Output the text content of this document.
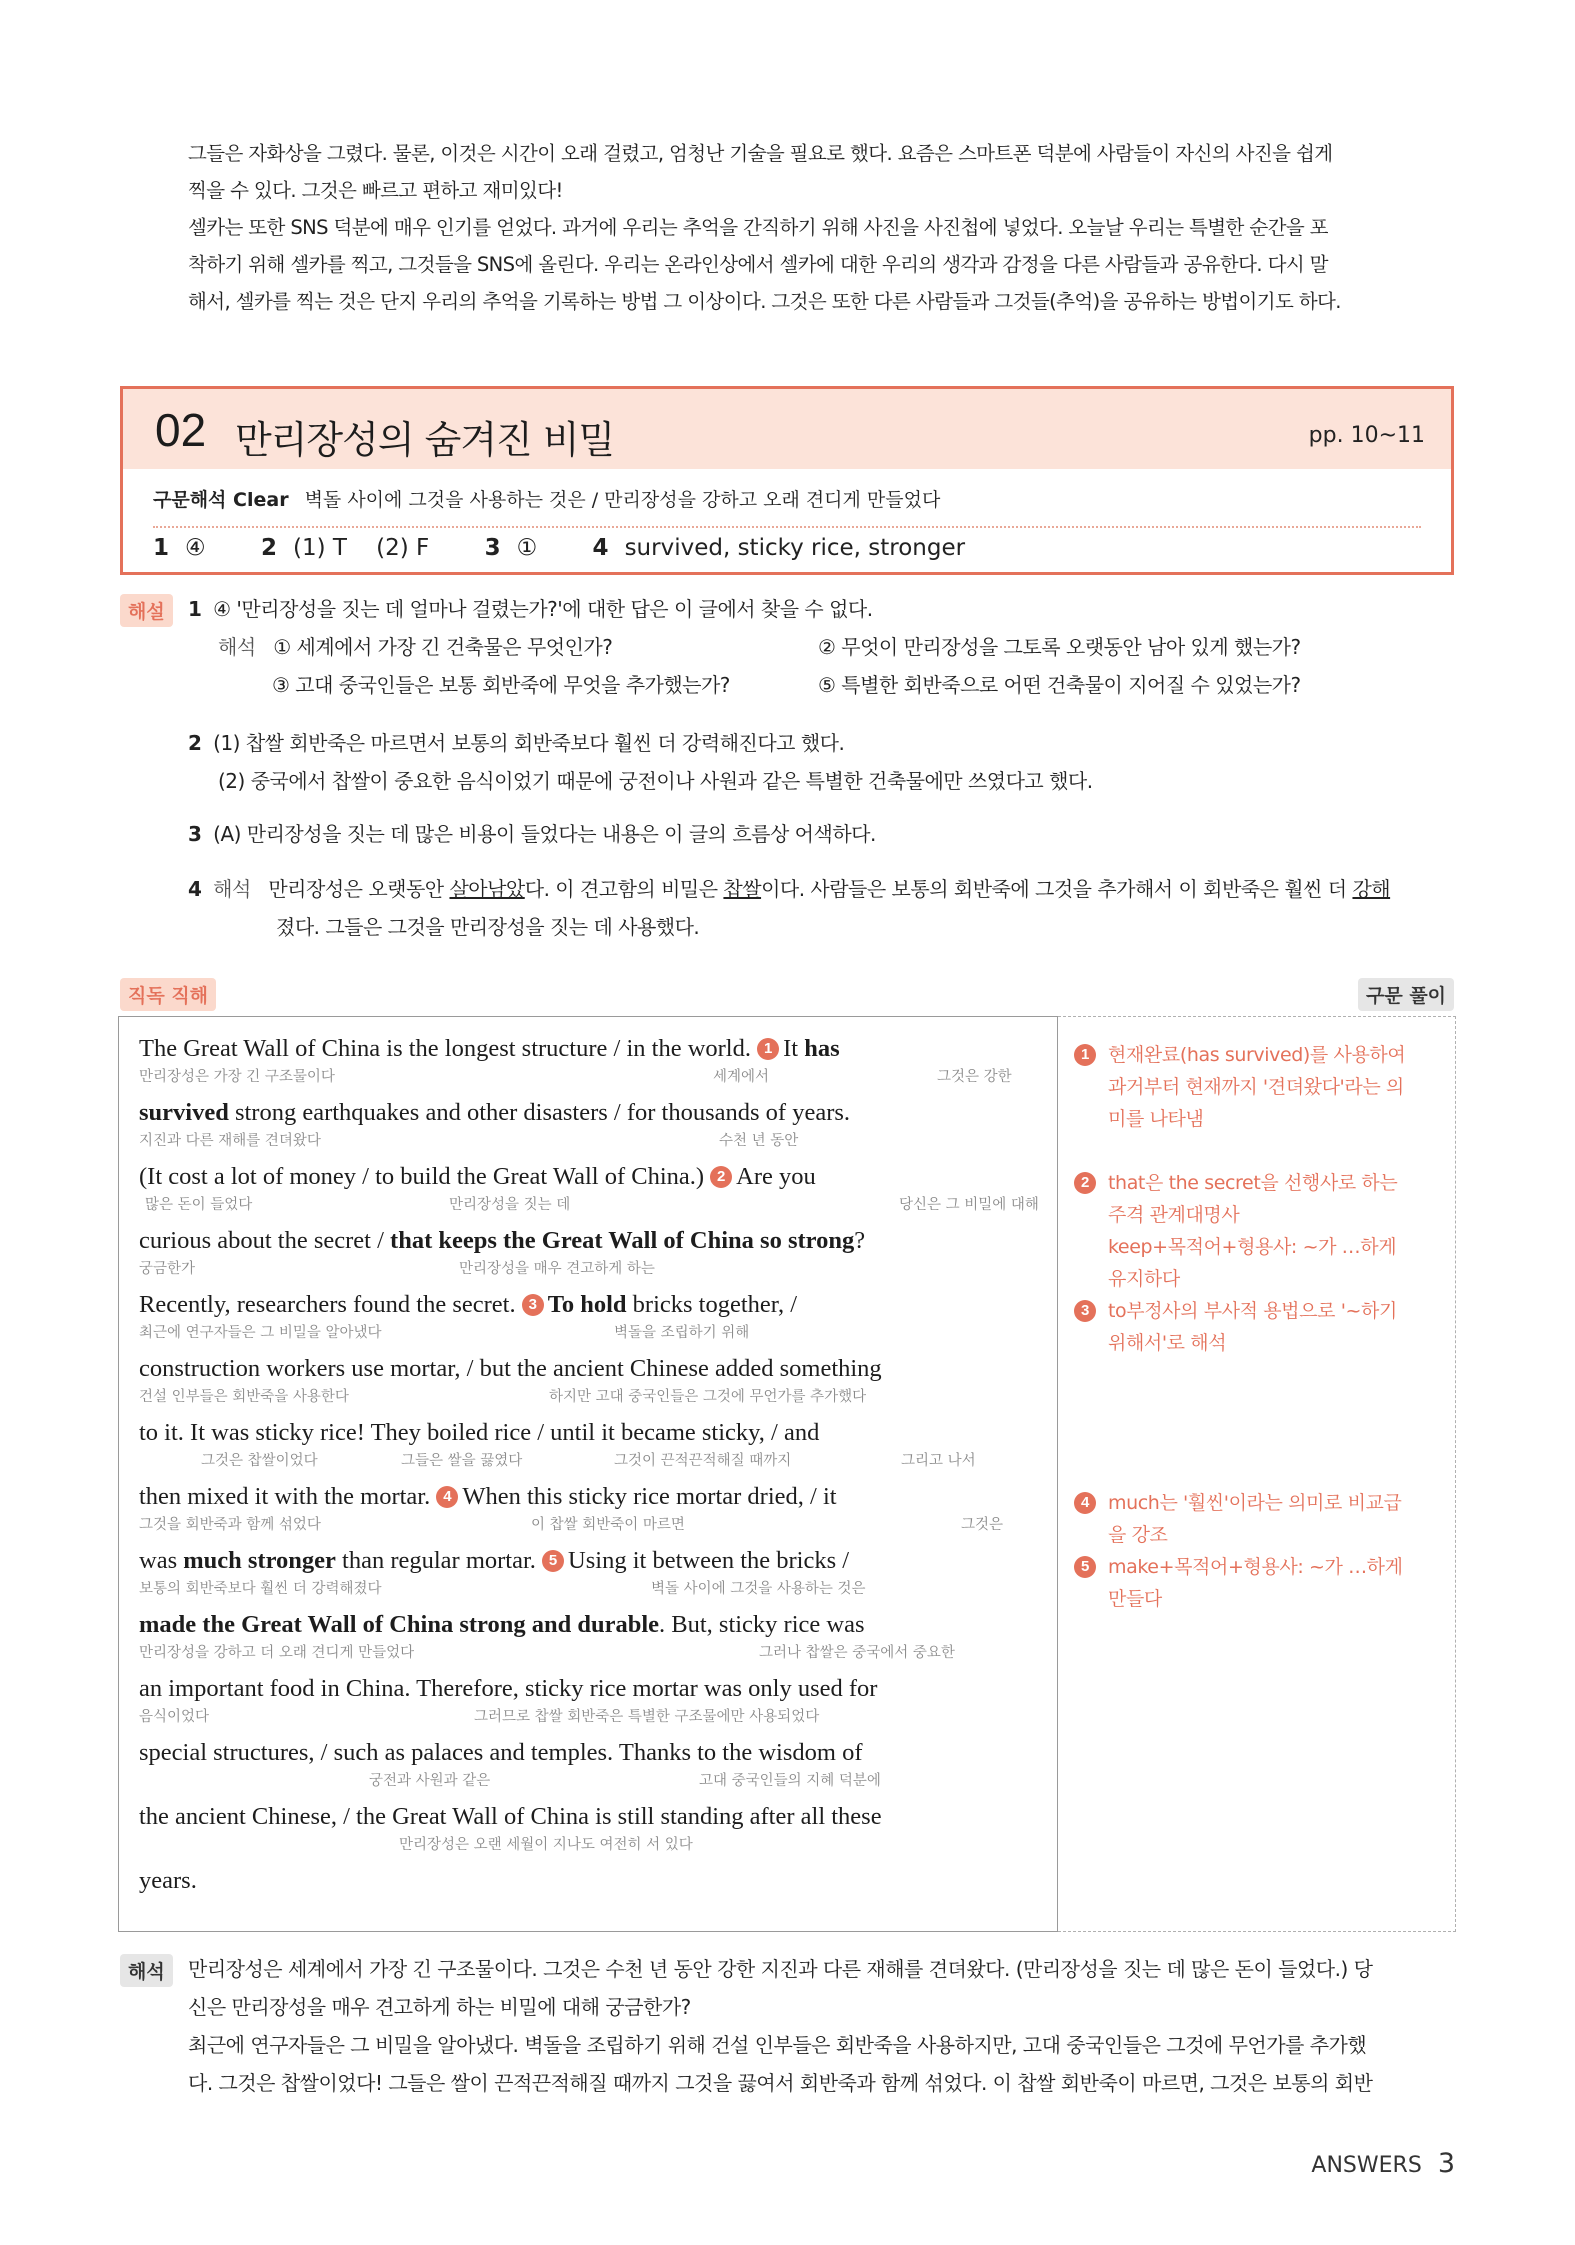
그들은 자화상을 그렸다. 물론, 이것은 시간이 오래 걸렸고, 엄청난 기술을 필요로 했다. 요즘은 스마트폰 덕분에 사람들이 자신의 사진을 쉽게

찍을 수 있다. 그것은 빠르고 편하고 재미있다!

셀카는 또한 SNS 덕분에 매우 인기를 얻었다. 과거에 우리는 추억을 간직하기 위해 사진을 사진첩에 넣었다. 오늘날 우리는 특별한 순간을 포

착하기 위해 셀카를 찍고, 그것들을 SNS에 올린다. 우리는 온라인상에서 셀카에 대한 우리의 생각과 감정을 다른 사람들과 공유한다. 다시 말

해서, 셀카를 찍는 것은 단지 우리의 추억을 기록하는 방법 그 이상이다. 그것은 또한 다른 사람들과 그것들(추억)을 공유하는 방법이기도 하다.

02 만리장성의 숨겨진 비밀	pp. 10~11
구문해석 Clear 벽돌 사이에 그것을 사용하는 것은 / 만리장성을 강하고 오래 견디게 만들었다
1 ④ 2 (1) T    (2) F 3 ① 4 survived, sticky rice, stronger
해설	1 ④ '만리장성을 짓는 데 얼마나 걸렸는가?'에 대한 답은 이 글에서 찾을 수 없다.
해석 ① 세계에서 가장 긴 건축물은 무엇인가?	② 무엇이 만리장성을 그토록 오랫동안 남아 있게 했는가?
③ 고대 중국인들은 보통 회반죽에 무엇을 추가했는가?	⑤ 특별한 회반죽으로 어떤 건축물이 지어질 수 있었는가?
2 (1) 찹쌀 회반죽은 마르면서 보통의 회반죽보다 훨씬 더 강력해진다고 했다.
(2) 중국에서 찹쌀이 중요한 음식이었기 때문에 궁전이나 사원과 같은 특별한 건축물에만 쓰였다고 했다.
3 (A) 만리장성을 짓는 데 많은 비용이 들었다는 내용은 이 글의 흐름상 어색하다.
4 해석 만리장성은 오랫동안 살아남았다. 이 견고함의 비밀은 찹쌀이다. 사람들은 보통의 회반죽에 그것을 추가해서 이 회반죽은 훨씬 더 강해
졌다. 그들은 그것을 만리장성을 짓는 데 사용했다.
직독 직해	구문 풀이
The Great Wall of China is the longest structure / in the world. 1 It has
만리장성은 가장 긴 구조물이다	세계에서	그것은 강한
survived strong earthquakes and other disasters / for thousands of years.
지진과 다른 재해를 견뎌왔다	수천 년 동안
(It cost a lot of money / to build the Great Wall of China.) 2 Are you
많은 돈이 들었다	만리장성을 짓는 데	당신은 그 비밀에 대해
curious about the secret / that keeps the Great Wall of China so strong?
궁금한가	만리장성을 매우 견고하게 하는
Recently, researchers found the secret. 3 To hold bricks together, /
최근에 연구자들은 그 비밀을 알아냈다	벽돌을 조립하기 위해
construction workers use mortar, / but the ancient Chinese added something
건설 인부들은 회반죽을 사용한다	하지만 고대 중국인들은 그것에 무언가를 추가했다
to it. It was sticky rice! They boiled rice / until it became sticky, / and
그것은 찹쌀이었다	그들은 쌀을 끓였다	그것이 끈적끈적해질 때까지	그리고 나서
then mixed it with the mortar. 4 When this sticky rice mortar dried, / it
그것을 회반죽과 함께 섞었다	이 찹쌀 회반죽이 마르면	그것은
was much stronger than regular mortar. 5 Using it between the bricks /
보통의 회반죽보다 훨씬 더 강력해졌다	벽돌 사이에 그것을 사용하는 것은
made the Great Wall of China strong and durable. But, sticky rice was
만리장성을 강하고 더 오래 견디게 만들었다	그러나 찹쌀은 중국에서 중요한
an important food in China. Therefore, sticky rice mortar was only used for
음식이었다	그러므로 찹쌀 회반죽은 특별한 구조물에만 사용되었다
special structures, / such as palaces and temples. Thanks to the wisdom of
궁전과 사원과 같은	고대 중국인들의 지혜 덕분에
the ancient Chinese, / the Great Wall of China is still standing after all these
만리장성은 오랜 세월이 지나도 여전히 서 있다
years.
1	현재완료(has survived)를 사용하여
과거부터 현재까지 '견뎌왔다'라는 의
미를 나타냄
2	that은 the secret을 선행사로 하는
주격 관계대명사
keep+목적어+형용사: ~가 …하게
유지하다
3	to부정사의 부사적 용법으로 '~하기
위해서'로 해석
4	much는 '훨씬'이라는 의미로 비교급
을 강조
5	make+목적어+형용사: ~가 …하게
만들다
해석	만리장성은 세계에서 가장 긴 구조물이다. 그것은 수천 년 동안 강한 지진과 다른 재해를 견뎌왔다. (만리장성을 짓는 데 많은 돈이 들었다.) 당
신은 만리장성을 매우 견고하게 하는 비밀에 대해 궁금한가?
최근에 연구자들은 그 비밀을 알아냈다. 벽돌을 조립하기 위해 건설 인부들은 회반죽을 사용하지만, 고대 중국인들은 그것에 무언가를 추가했
다. 그것은 찹쌀이었다! 그들은 쌀이 끈적끈적해질 때까지 그것을 끓여서 회반죽과 함께 섞었다. 이 찹쌀 회반죽이 마르면, 그것은 보통의 회반
ANSWERS 3
